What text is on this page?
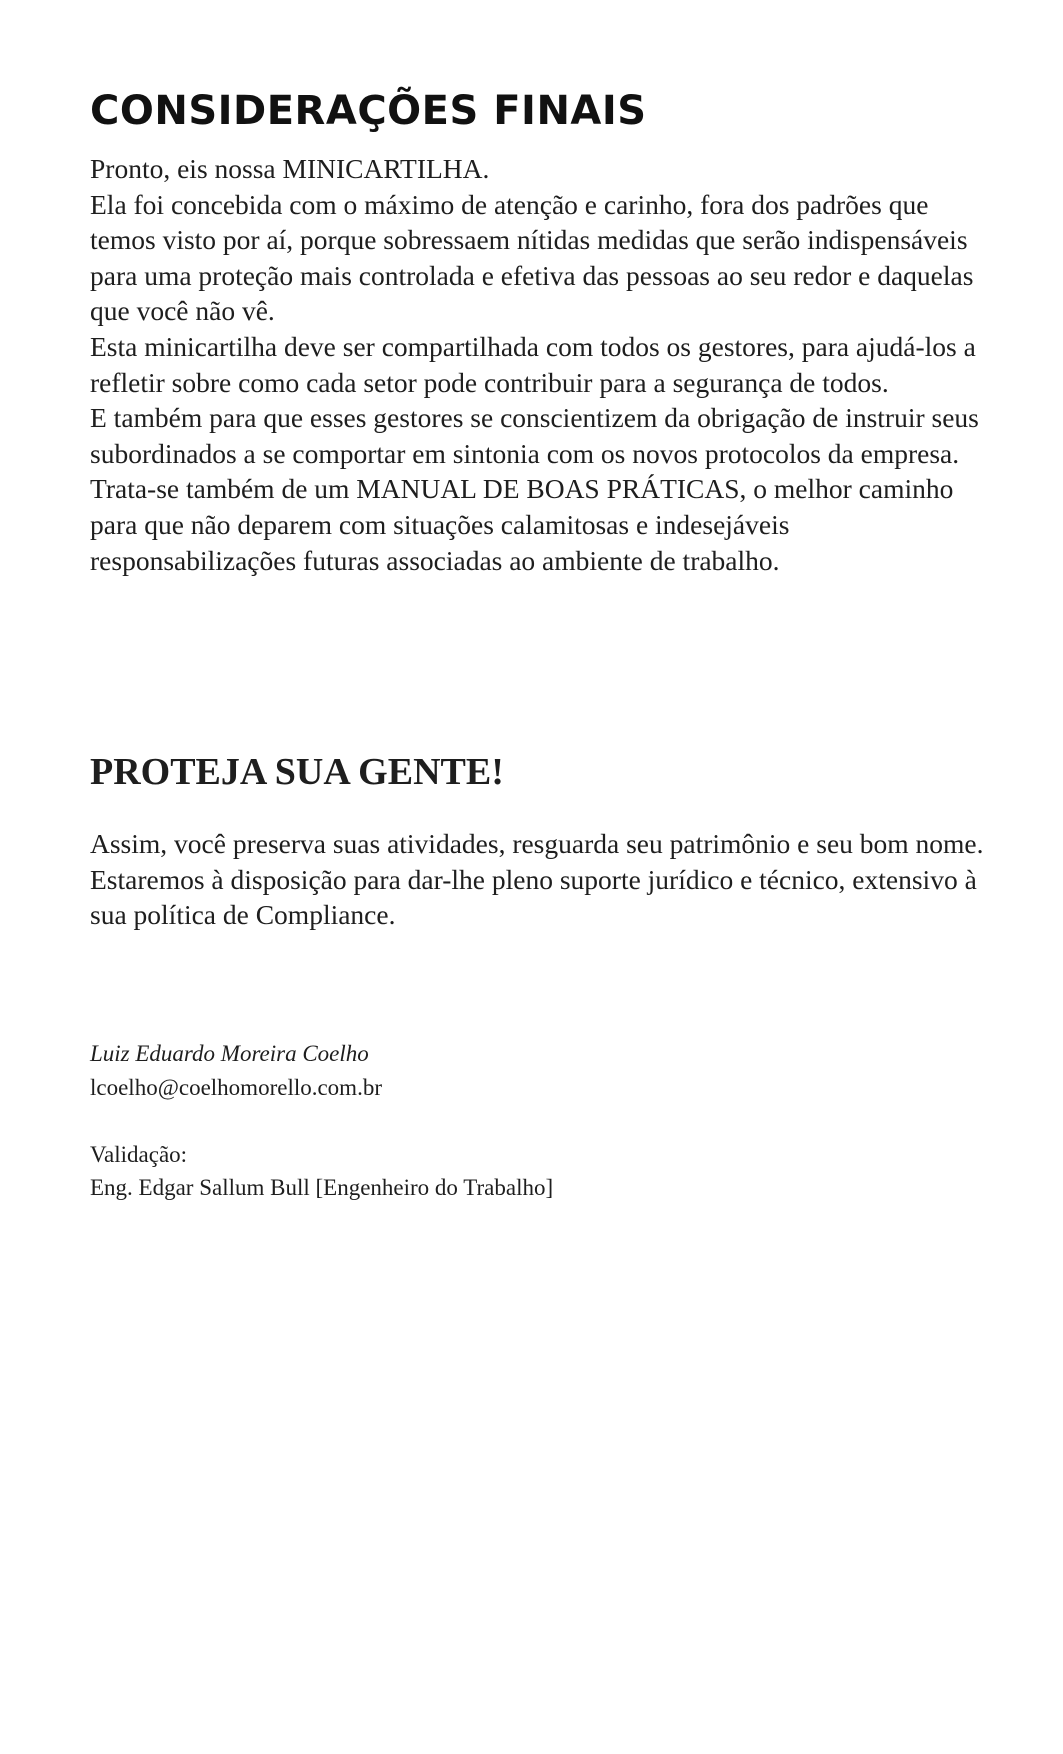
CONSIDERAÇÕES FINAIS

Pronto, eis nossa MINICARTILHA.

Ela foi concebida com o máximo de atenção e carinho, fora dos padrões que temos visto por aí, porque sobressaem nítidas medidas que serão indispensáveis para uma proteção mais controlada e efetiva das pessoas ao seu redor e daquelas que você não vê.

Esta minicartilha deve ser compartilhada com todos os gestores, para ajudá-los a refletir sobre como cada setor pode contribuir para a segurança de todos.

E também para que esses gestores se conscientizem da obrigação de instruir seus subordinados a se comportar em sintonia com os novos protocolos da empresa.

Trata-se também de um MANUAL DE BOAS PRÁTICAS, o melhor caminho para que não deparem com situações calamitosas e indesejáveis responsabilizações futuras associadas ao ambiente de trabalho.

PROTEJA SUA GENTE!

Assim, você preserva suas atividades, resguarda seu patrimônio e seu bom nome. Estaremos à disposição para dar-lhe pleno suporte jurídico e técnico, extensivo à sua política de Compliance.

Luiz Eduardo Moreira Coelho

lcoelho@coelhomorello.com.br

Validação:

Eng. Edgar Sallum Bull [Engenheiro do Trabalho]
